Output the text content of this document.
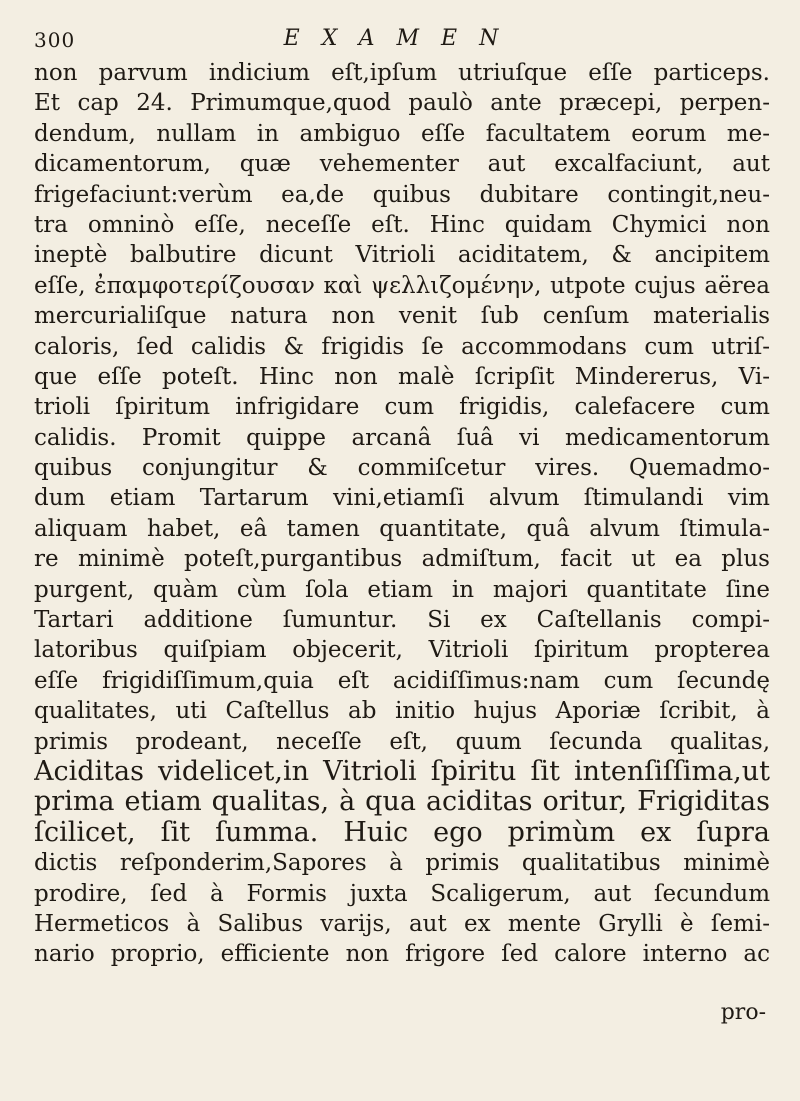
300	EXAMEN
non parvum indicium eſt,ipſum utriuſque eſſe particeps.
Et cap 24. Primumque,quod paulò ante præcepi, perpen-
dendum, nullam in ambiguo eſſe facultatem eorum me-
dicamentorum, quæ vehementer aut excalfaciunt, aut
frigefaciunt:verùm ea,de quibus dubitare contingit,neu-
tra omninò eſſe, neceſſe eſt. Hinc quidam Chymici non
ineptè balbutire dicunt Vitrioli aciditatem, & ancipitem
eſſe, ἐπαμφοτερίζουσαν καὶ ψελλιζομένην, utpote cujus aërea
mercurialiſque natura non venit ſub cenſum materialis
caloris, ſed calidis & frigidis ſe accommodans cum utriſ-
que eſſe poteſt. Hinc non malè ſcripſit Mindererus, Vi-
trioli ſpiritum infrigidare cum frigidis, calefacere cum
calidis. Promit quippe arcanâ ſuâ vi medicamentorum
quibus conjungitur & commiſcetur vires. Quemadmo-
dum etiam Tartarum vini,etiamſi alvum ſtimulandi vim
aliquam habet, eâ tamen quantitate, quâ alvum ſtimula-
re minimè poteſt,purgantibus admiſtum, facit ut ea plus
purgent, quàm cùm ſola etiam in majori quantitate ſine
Tartari additione ſumuntur. Si ex Caſtellanis compi-
latoribus quiſpiam objecerit, Vitrioli ſpiritum propterea
eſſe frigidiſſimum,quia eſt acidiſſimus:nam cum ſecundę
qualitates, uti Caſtellus ab initio hujus Aporiæ ſcribit, à
primis prodeant, neceſſe eſt, quum ſecunda qualitas,
Aciditas videlicet,in Vitrioli ſpiritu ſit intenſiſſima,ut
prima etiam qualitas, à qua aciditas oritur, Frigiditas
ſcilicet, ſit ſumma. Huic ego primùm ex ſupra
dictis reſponderim,Sapores à primis qualitatibus minimè
prodire, ſed à Formis juxta Scaligerum, aut ſecundum
Hermeticos à Salibus varijs, aut ex mente Grylli è ſemi-
nario proprio, efficiente non frigore ſed calore interno ac
pro-
